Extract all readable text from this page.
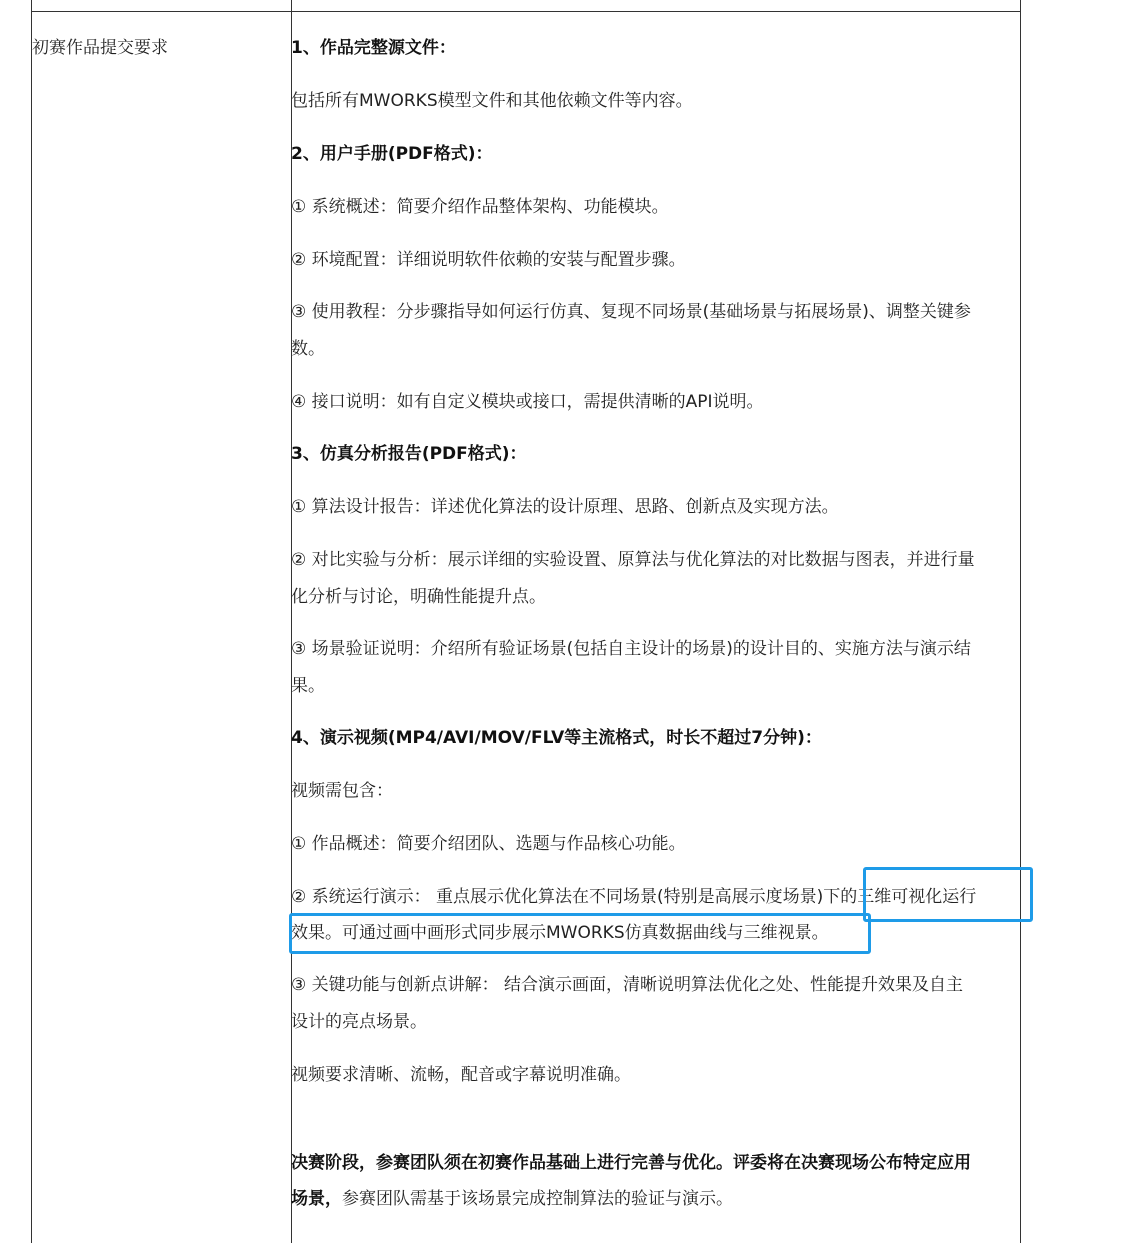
初赛作品提交要求	1、作品完整源文件：
包括所有MWORKS模型文件和其他依赖文件等内容。
2、用户手册(PDF格式)：
① 系统概述：简要介绍作品整体架构、功能模块。
② 环境配置：详细说明软件依赖的安装与配置步骤。
③ 使用教程：分步骤指导如何运行仿真、复现不同场景(基础场景与拓展场景)、调整关键参
数。
④ 接口说明：如有自定义模块或接口，需提供清晰的API说明。
3、仿真分析报告(PDF格式)：
① 算法设计报告：详述优化算法的设计原理、思路、创新点及实现方法。
② 对比实验与分析：展示详细的实验设置、原算法与优化算法的对比数据与图表，并进行量
化分析与讨论，明确性能提升点。
③ 场景验证说明：介绍所有验证场景(包括自主设计的场景)的设计目的、实施方法与演示结
果。
4、演示视频(MP4/AVI/MOV/FLV等主流格式，时长不超过7分钟)：
视频需包含：
① 作品概述：简要介绍团队、选题与作品核心功能。
② 系统运行演示： 重点展示优化算法在不同场景(特别是高展示度场景)下的三维可视化运行
效果。可通过画中画形式同步展示MWORKS仿真数据曲线与三维视景。
③ 关键功能与创新点讲解： 结合演示画面，清晰说明算法优化之处、性能提升效果及自主
设计的亮点场景。
视频要求清晰、流畅，配音或字幕说明准确。
决赛阶段，参赛团队须在初赛作品基础上进行完善与优化。评委将在决赛现场公布特定应用
场景，参赛团队需基于该场景完成控制算法的验证与演示。
